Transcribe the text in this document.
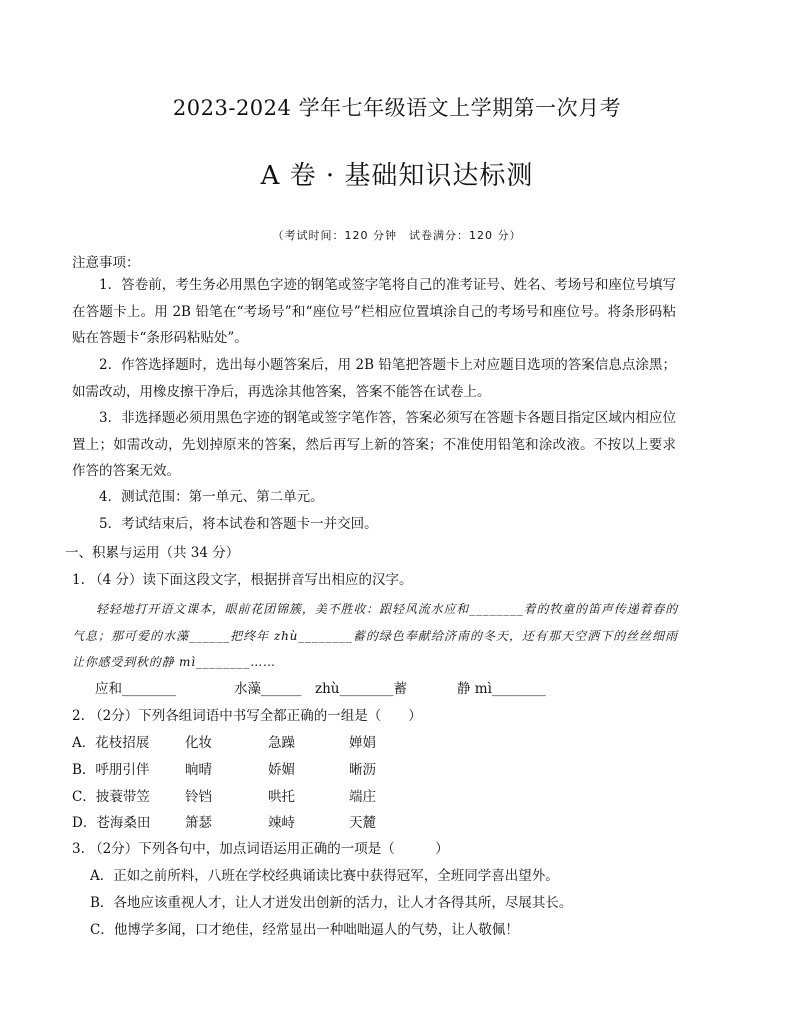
2023-2024 学年七年级语文上学期第一次月考
A 卷 · 基础知识达标测
（考试时间：120 分钟　试卷满分：120 分）
注意事项：
1．答卷前，考生务必用黑色字迹的钢笔或签字笔将自己的准考证号、姓名、考场号和座位号填写在答题卡上。用 2B 铅笔在“考场号”和“座位号”栏相应位置填涂自己的考场号和座位号。将条形码粘贴在答题卡“条形码粘贴处”。
2．作答选择题时，选出每小题答案后，用 2B 铅笔把答题卡上对应题目选项的答案信息点涂黑；如需改动，用橡皮擦干净后，再选涂其他答案，答案不能答在试卷上。
3．非选择题必须用黑色字迹的钢笔或签字笔作答，答案必须写在答题卡各题目指定区域内相应位置上；如需改动，先划掉原来的答案，然后再写上新的答案；不准使用铅笔和涂改液。不按以上要求作答的答案无效。
4．测试范围：第一单元、第二单元。
5．考试结束后，将本试卷和答题卡一并交回。
一、积累与运用（共 34 分）
1. （4 分）读下面这段文字，根据拼音写出相应的汉字。
轻轻地打开语文课本，眼前花团锦簇，美不胜收：跟轻风流水应和________着的牧童的笛声传递着春的气息；那可爱的水藻______把终年 zhù________蓄的绿色奉献给济南的冬天，还有那天空洒下的丝丝细雨让你感受到秋的静 mì________……
应和________	水藻______ zhù________蓄	静 mì________
2. （2分）下列各组词语中书写全都正确的一组是（　　）
A．花枝招展	化妆	急躁	婵娟
B．呼朋引伴	晌晴	娇媚	晰沥
C．披蓑带笠	铃铛	哄托	端庄
D．苍海桑田	箫瑟	竦峙	天麓
3. （2分）下列各句中，加点词语运用正确的一项是（　　　）
A．正如之前所料，八班在学校经典诵读比赛中获得冠军，全班同学喜出望外。
B．各地应该重视人才，让人才迸发出创新的活力，让人才各得其所，尽展其长。
C．他博学多闻，口才绝佳，经常显出一种咄咄逼人的气势，让人敬佩！
